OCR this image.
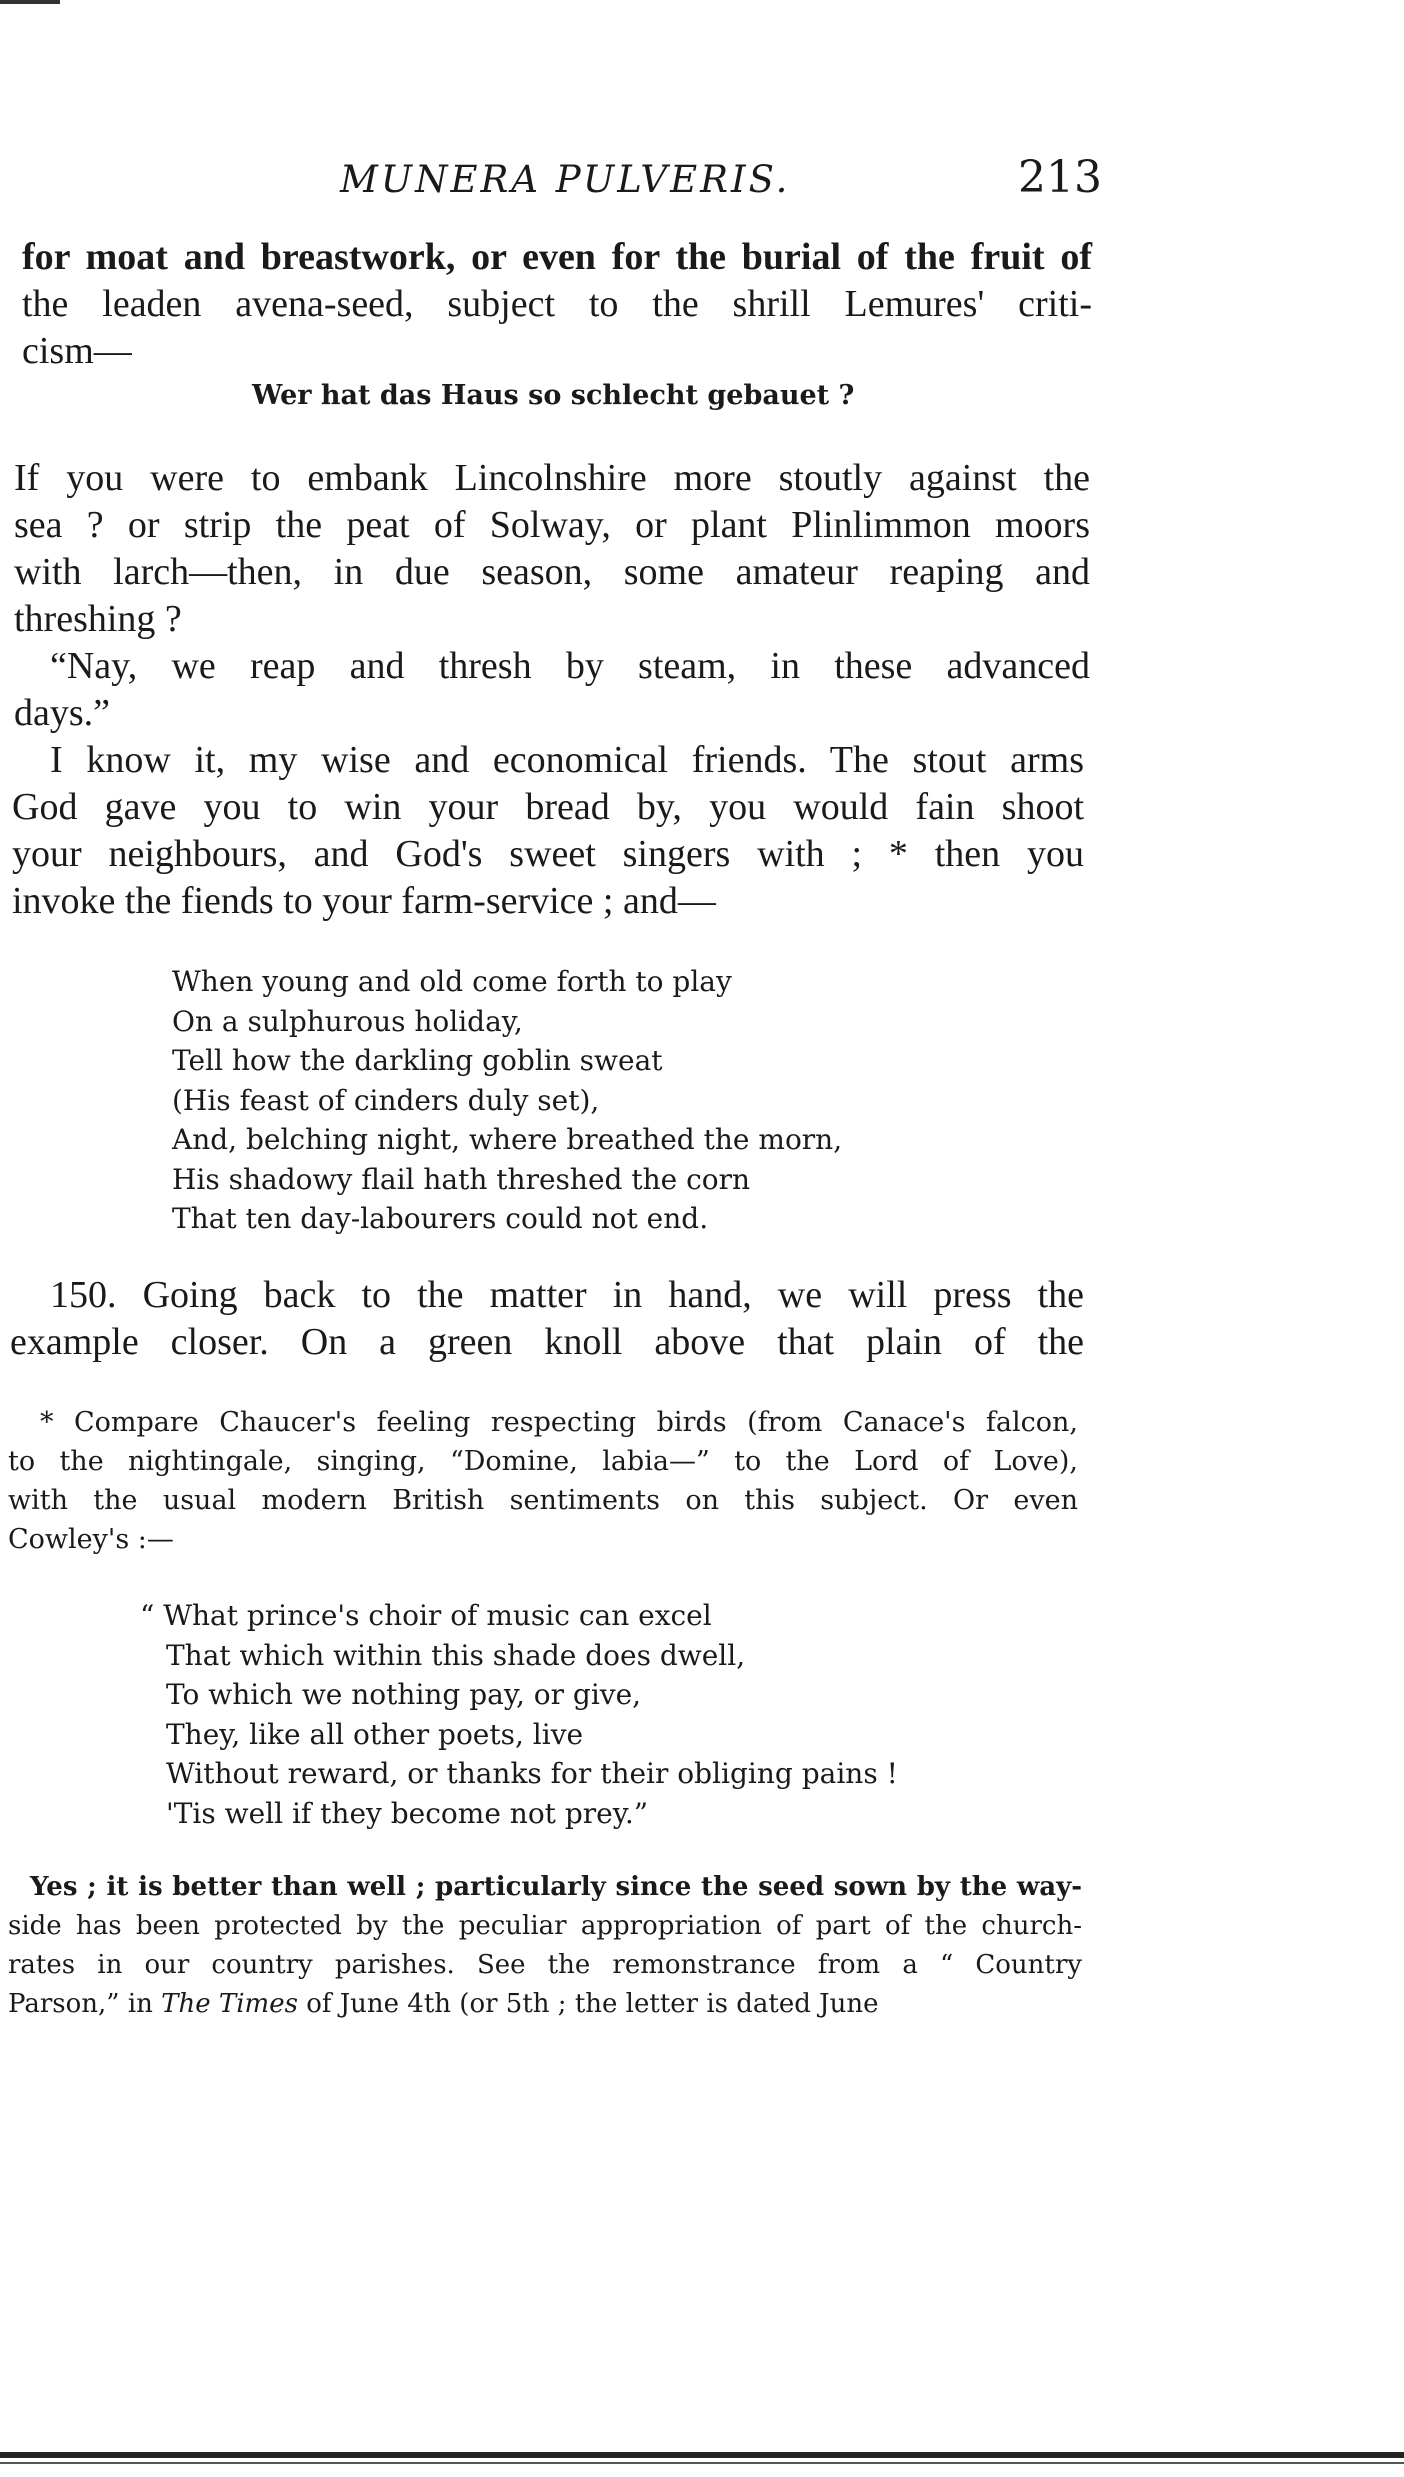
MUNERA PULVERIS.	213
for moat and breastwork, or even for the burial of the fruit of
the leaden avena-seed, subject to the shrill Lemures' criti-
cism—
Wer hat das Haus so schlecht gebauet ?
If you were to embank Lincolnshire more stoutly against the
sea ? or strip the peat of Solway, or plant Plinlimmon moors
with larch—then, in due season, some amateur reaping and
threshing ?
“Nay, we reap and thresh by steam, in these advanced
days.”
I know it, my wise and economical friends. The stout arms
God gave you to win your bread by, you would fain shoot
your neighbours, and God's sweet singers with ; * then you
invoke the fiends to your farm-service ; and—
When young and old come forth to play
On a sulphurous holiday,
Tell how the darkling goblin sweat
(His feast of cinders duly set),
And, belching night, where breathed the morn,
His shadowy flail hath threshed the corn
That ten day-labourers could not end.
150. Going back to the matter in hand, we will press the
example closer. On a green knoll above that plain of the
* Compare Chaucer's feeling respecting birds (from Canace's falcon,
to the nightingale, singing, “Domine, labia—” to the Lord of Love),
with the usual modern British sentiments on this subject. Or even
Cowley's :—
“ What prince's choir of music can excel
That which within this shade does dwell,
To which we nothing pay, or give,
They, like all other poets, live
Without reward, or thanks for their obliging pains !
'Tis well if they become not prey.”
Yes ; it is better than well ; particularly since the seed sown by the way-
side has been protected by the peculiar appropriation of part of the church-
rates in our country parishes. See the remonstrance from a “ Country
Parson,” in The Times of June 4th (or 5th ; the letter is dated June
